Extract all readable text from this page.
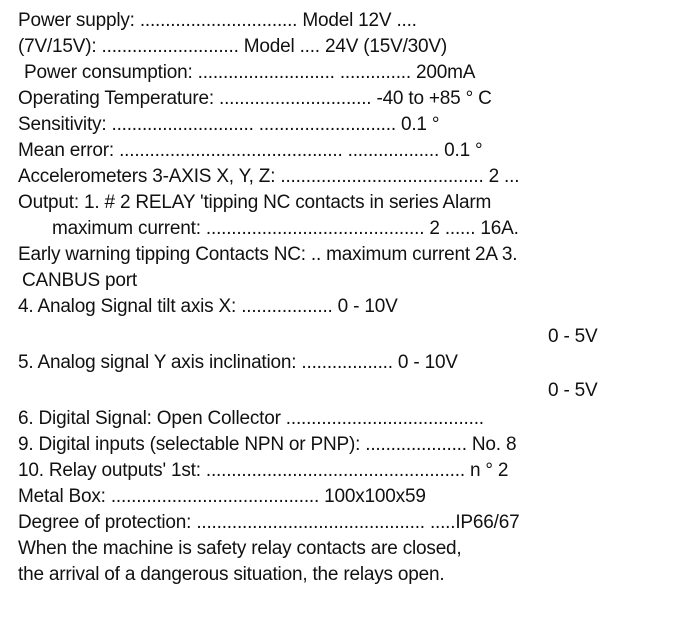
Power supply: ............................... Model 12V ....
(7V/15V): ........................... Model .... 24V (15V/30V)
Power consumption: ........................... .............. 200mA
Operating Temperature: .............................. -40 to +85 ° C
Sensitivity: ............................ ........................... 0.1 °
Mean error: ............................................ .................. 0.1 °
Accelerometers 3-AXIS X, Y, Z: ........................................ 2 ...
Output: 1. # 2 RELAY 'tipping NC contacts in series Alarm
maximum current: ........................................... 2 ...... 16A.
Early warning tipping Contacts NC: .. maximum current 2A 3.
CANBUS port
4. Analog Signal tilt axis X: .................. 0 - 10V
0 - 5V
5. Analog signal Y axis inclination: .................. 0 - 10V
0 - 5V
6. Digital Signal: Open Collector .......................................
9. Digital inputs (selectable NPN or PNP): .................... No. 8
10. Relay outputs' 1st: ................................................... n ° 2
Metal Box: ......................................... 100x100x59
Degree of protection: ............................................. .....IP66/67
When the machine is safety relay contacts are closed,
the arrival of a dangerous situation, the relays open.
